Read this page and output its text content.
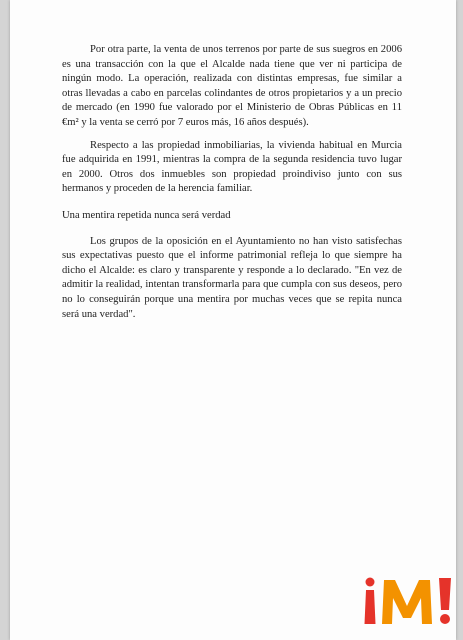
Por otra parte, la venta de unos terrenos por parte de sus suegros en 2006 es una transacción con la que el Alcalde nada tiene que ver ni participa de ningún modo. La operación, realizada con distintas empresas, fue similar a otras llevadas a cabo en parcelas colindantes de otros propietarios y a un precio de mercado (en 1990 fue valorado por el Ministerio de Obras Públicas en 11 €m² y la venta se cerró por 7 euros más, 16 años después).

Respecto a las propiedad inmobiliarias, la vivienda habitual en Murcia fue adquirida en 1991, mientras la compra de la segunda residencia tuvo lugar en 2000. Otros dos inmuebles son propiedad proindiviso junto con sus hermanos y proceden de la herencia familiar.

Una mentira repetida nunca será verdad

Los grupos de la oposición en el Ayuntamiento no han visto satisfechas sus expectativas puesto que el informe patrimonial refleja lo que siempre ha dicho el Alcalde: es claro y transparente y responde a lo declarado. "En vez de admitir la realidad, intentan transformarla para que cumpla con sus deseos, pero no lo conseguirán porque una mentira por muchas veces que se repita nunca será una verdad".
